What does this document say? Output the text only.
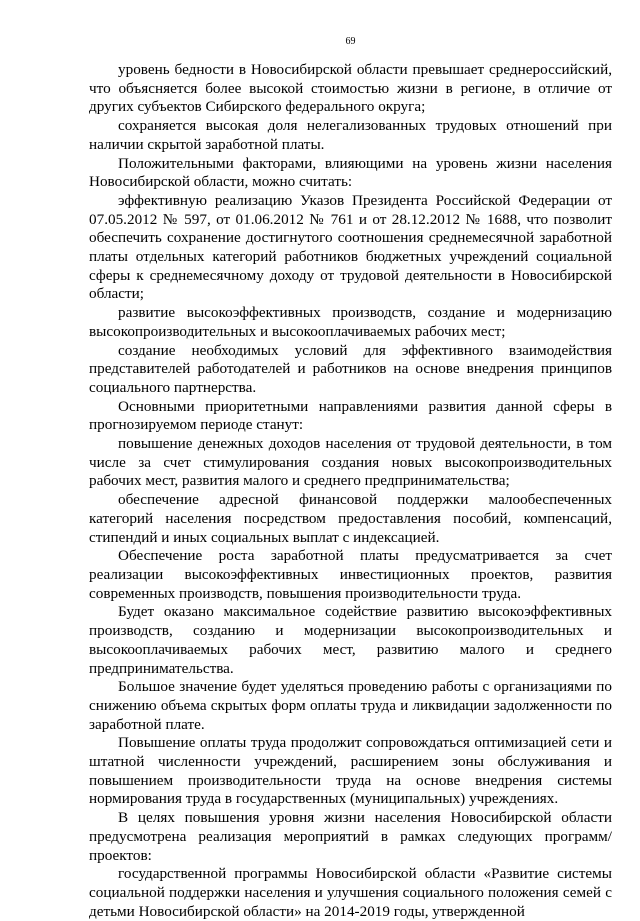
69

уровень бедности в Новосибирской области превышает среднероссийский, что объясняется более высокой стоимостью жизни в регионе, в отличие от других субъектов Сибирского федерального округа;

сохраняется высокая доля нелегализованных трудовых отношений при наличии скрытой заработной платы.

Положительными факторами, влияющими на уровень жизни населения Новосибирской области, можно считать:

эффективную реализацию Указов Президента Российской Федерации от 07.05.2012 № 597, от 01.06.2012 № 761 и от 28.12.2012 № 1688, что позволит обеспечить сохранение достигнутого соотношения среднемесячной заработной платы отдельных категорий работников бюджетных учреждений социальной сферы к среднемесячному доходу от трудовой деятельности в Новосибирской области;

развитие высокоэффективных производств, создание и модернизацию высокопроизводительных и высокооплачиваемых рабочих мест;

создание необходимых условий для эффективного взаимодействия представителей работодателей и работников на основе внедрения принципов социального партнерства.

Основными приоритетными направлениями развития данной сферы в прогнозируемом периоде станут:

повышение денежных доходов населения от трудовой деятельности, в том числе за счет стимулирования создания новых высокопроизводительных рабочих мест, развития малого и среднего предпринимательства;

обеспечение адресной финансовой поддержки малообеспеченных категорий населения посредством предоставления пособий, компенсаций, стипендий и иных социальных выплат с индексацией.

Обеспечение роста заработной платы предусматривается за счет реализации высокоэффективных инвестиционных проектов, развития современных производств, повышения производительности труда.

Будет оказано максимальное содействие развитию высокоэффективных производств, созданию и модернизации высокопроизводительных и высокооплачиваемых рабочих мест, развитию малого и среднего предпринимательства.

Большое значение будет уделяться проведению работы с организациями по снижению объема скрытых форм оплаты труда и ликвидации задолженности по заработной плате.

Повышение оплаты труда продолжит сопровождаться оптимизацией сети и штатной численности учреждений, расширением зоны обслуживания и повышением производительности труда на основе внедрения системы нормирования труда в государственных (муниципальных) учреждениях.

В целях повышения уровня жизни населения Новосибирской области предусмотрена реализация мероприятий в рамках следующих программ/проектов:

государственной программы Новосибирской области «Развитие системы социальной поддержки населения и улучшения социального положения семей с детьми Новосибирской области» на 2014-2019 годы, утвержденной
